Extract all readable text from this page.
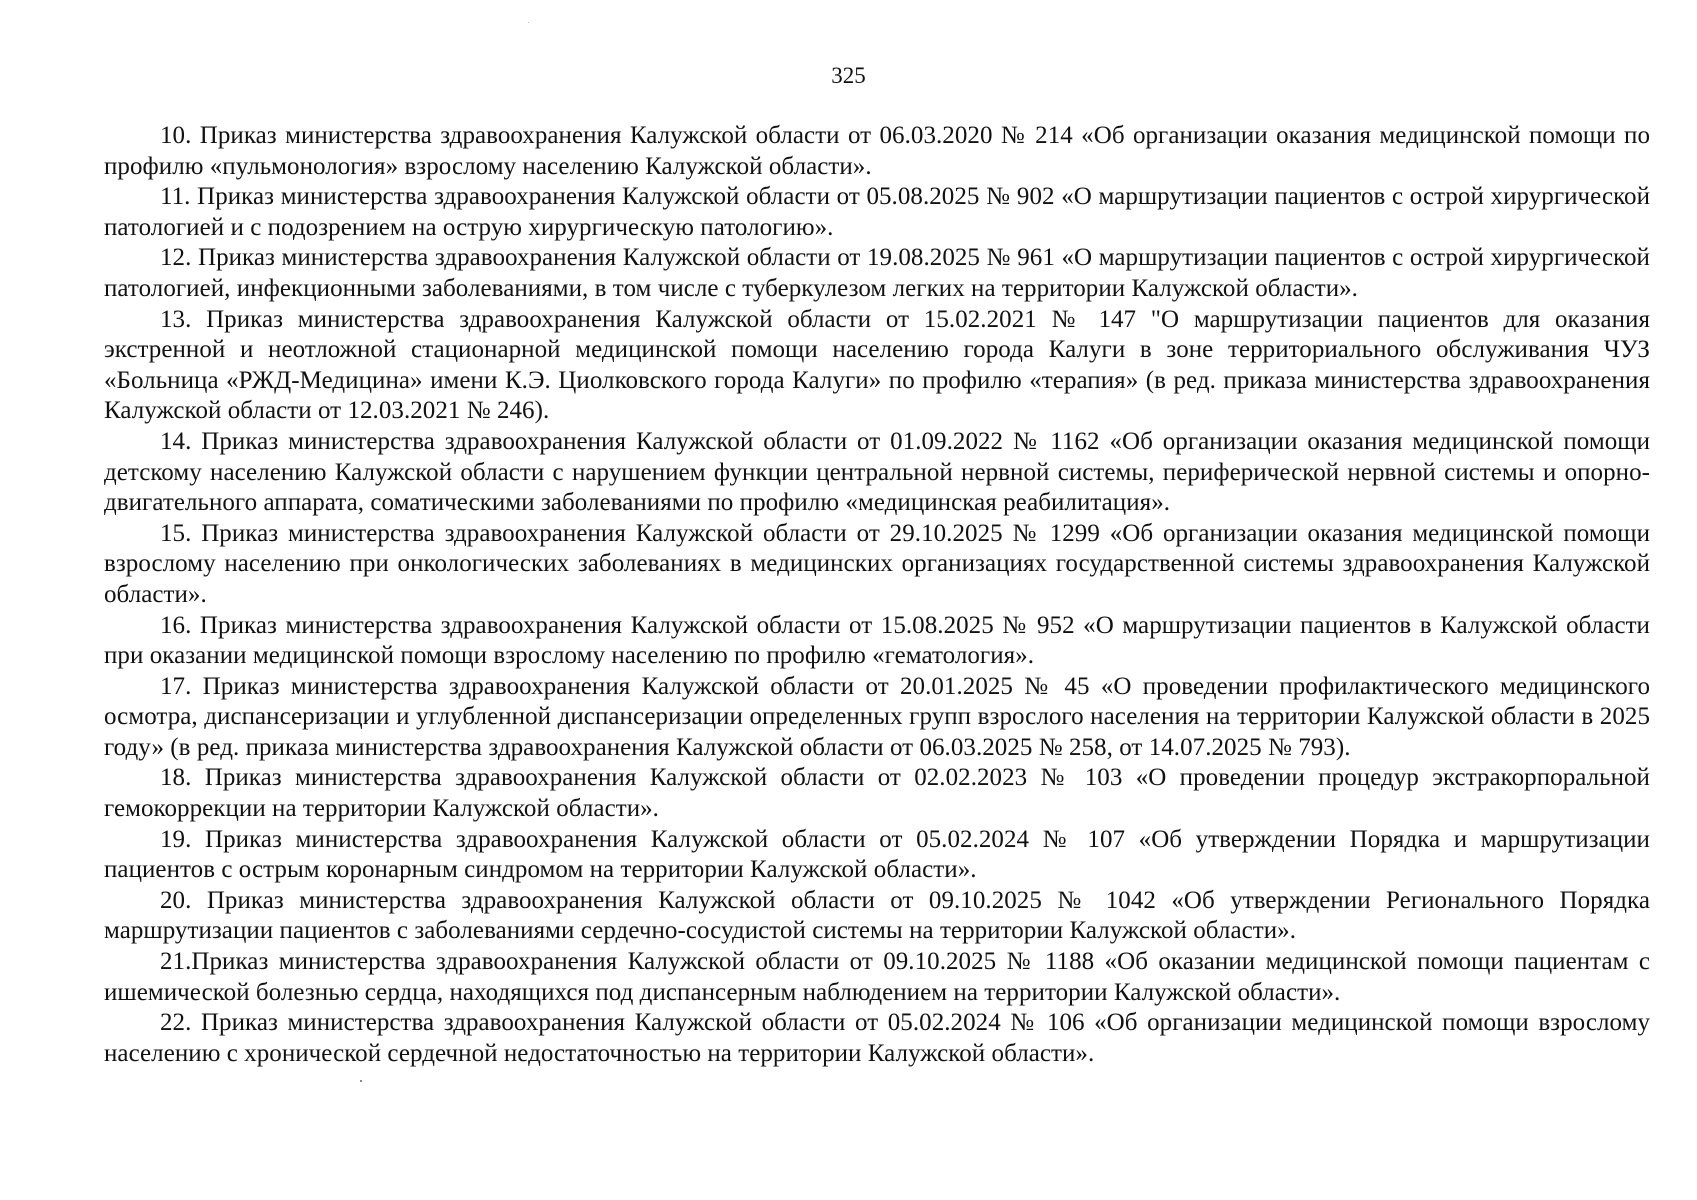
325

10. Приказ министерства здравоохранения Калужской области от 06.03.2020 № 214 «Об организации оказания медицинской помощи по профилю «пульмонология» взрослому населению Калужской области».

11. Приказ министерства здравоохранения Калужской области от 05.08.2025 № 902 «О маршрутизации пациентов с острой хирургической патологией и с подозрением на острую хирургическую патологию».

12. Приказ министерства здравоохранения Калужской области от 19.08.2025 № 961 «О маршрутизации пациентов с острой хирургической патологией, инфекционными заболеваниями, в том числе с туберкулезом легких на территории Калужской области».

13. Приказ министерства здравоохранения Калужской области от 15.02.2021 № 147 "О маршрутизации пациентов для оказания экстренной и неотложной стационарной медицинской помощи населению города Калуги в зоне территориального обслуживания ЧУЗ «Больница «РЖД-Медицина» имени К.Э. Циолковского города Калуги» по профилю «терапия» (в ред. приказа министерства здравоохранения Калужской области от 12.03.2021 № 246).

14. Приказ министерства здравоохранения Калужской области от 01.09.2022 № 1162 «Об организации оказания медицинской помощи детскому населению Калужской области с нарушением функции центральной нервной системы, периферической нервной системы и опорно-двигательного аппарата, соматическими заболеваниями по профилю «медицинская реабилитация».

15. Приказ министерства здравоохранения Калужской области от 29.10.2025 № 1299 «Об организации оказания медицинской помощи взрослому населению при онкологических заболеваниях в медицинских организациях государственной системы здравоохранения Калужской области».

16. Приказ министерства здравоохранения Калужской области от 15.08.2025 № 952 «О маршрутизации пациентов в Калужской области при оказании медицинской помощи взрослому населению по профилю «гематология».

17. Приказ министерства здравоохранения Калужской области от 20.01.2025 № 45 «О проведении профилактического медицинского осмотра, диспансеризации и углубленной диспансеризации определенных групп взрослого населения на территории Калужской области в 2025 году» (в ред. приказа министерства здравоохранения Калужской области от 06.03.2025 № 258, от 14.07.2025 № 793).

18. Приказ министерства здравоохранения Калужской области от 02.02.2023 № 103 «О проведении процедур экстракорпоральной гемокоррекции на территории Калужской области».

19. Приказ министерства здравоохранения Калужской области от 05.02.2024 № 107 «Об утверждении Порядка и маршрутизации пациентов с острым коронарным синдромом на территории Калужской области».

20. Приказ министерства здравоохранения Калужской области от 09.10.2025 № 1042 «Об утверждении Регионального Порядка маршрутизации пациентов с заболеваниями сердечно-сосудистой системы на территории Калужской области».

21.Приказ министерства здравоохранения Калужской области от 09.10.2025 № 1188 «Об оказании медицинской помощи пациентам с ишемической болезнью сердца, находящихся под диспансерным наблюдением на территории Калужской области».

22. Приказ министерства здравоохранения Калужской области от 05.02.2024 № 106 «Об организации медицинской помощи взрослому населению с хронической сердечной недостаточностью на территории Калужской области».
